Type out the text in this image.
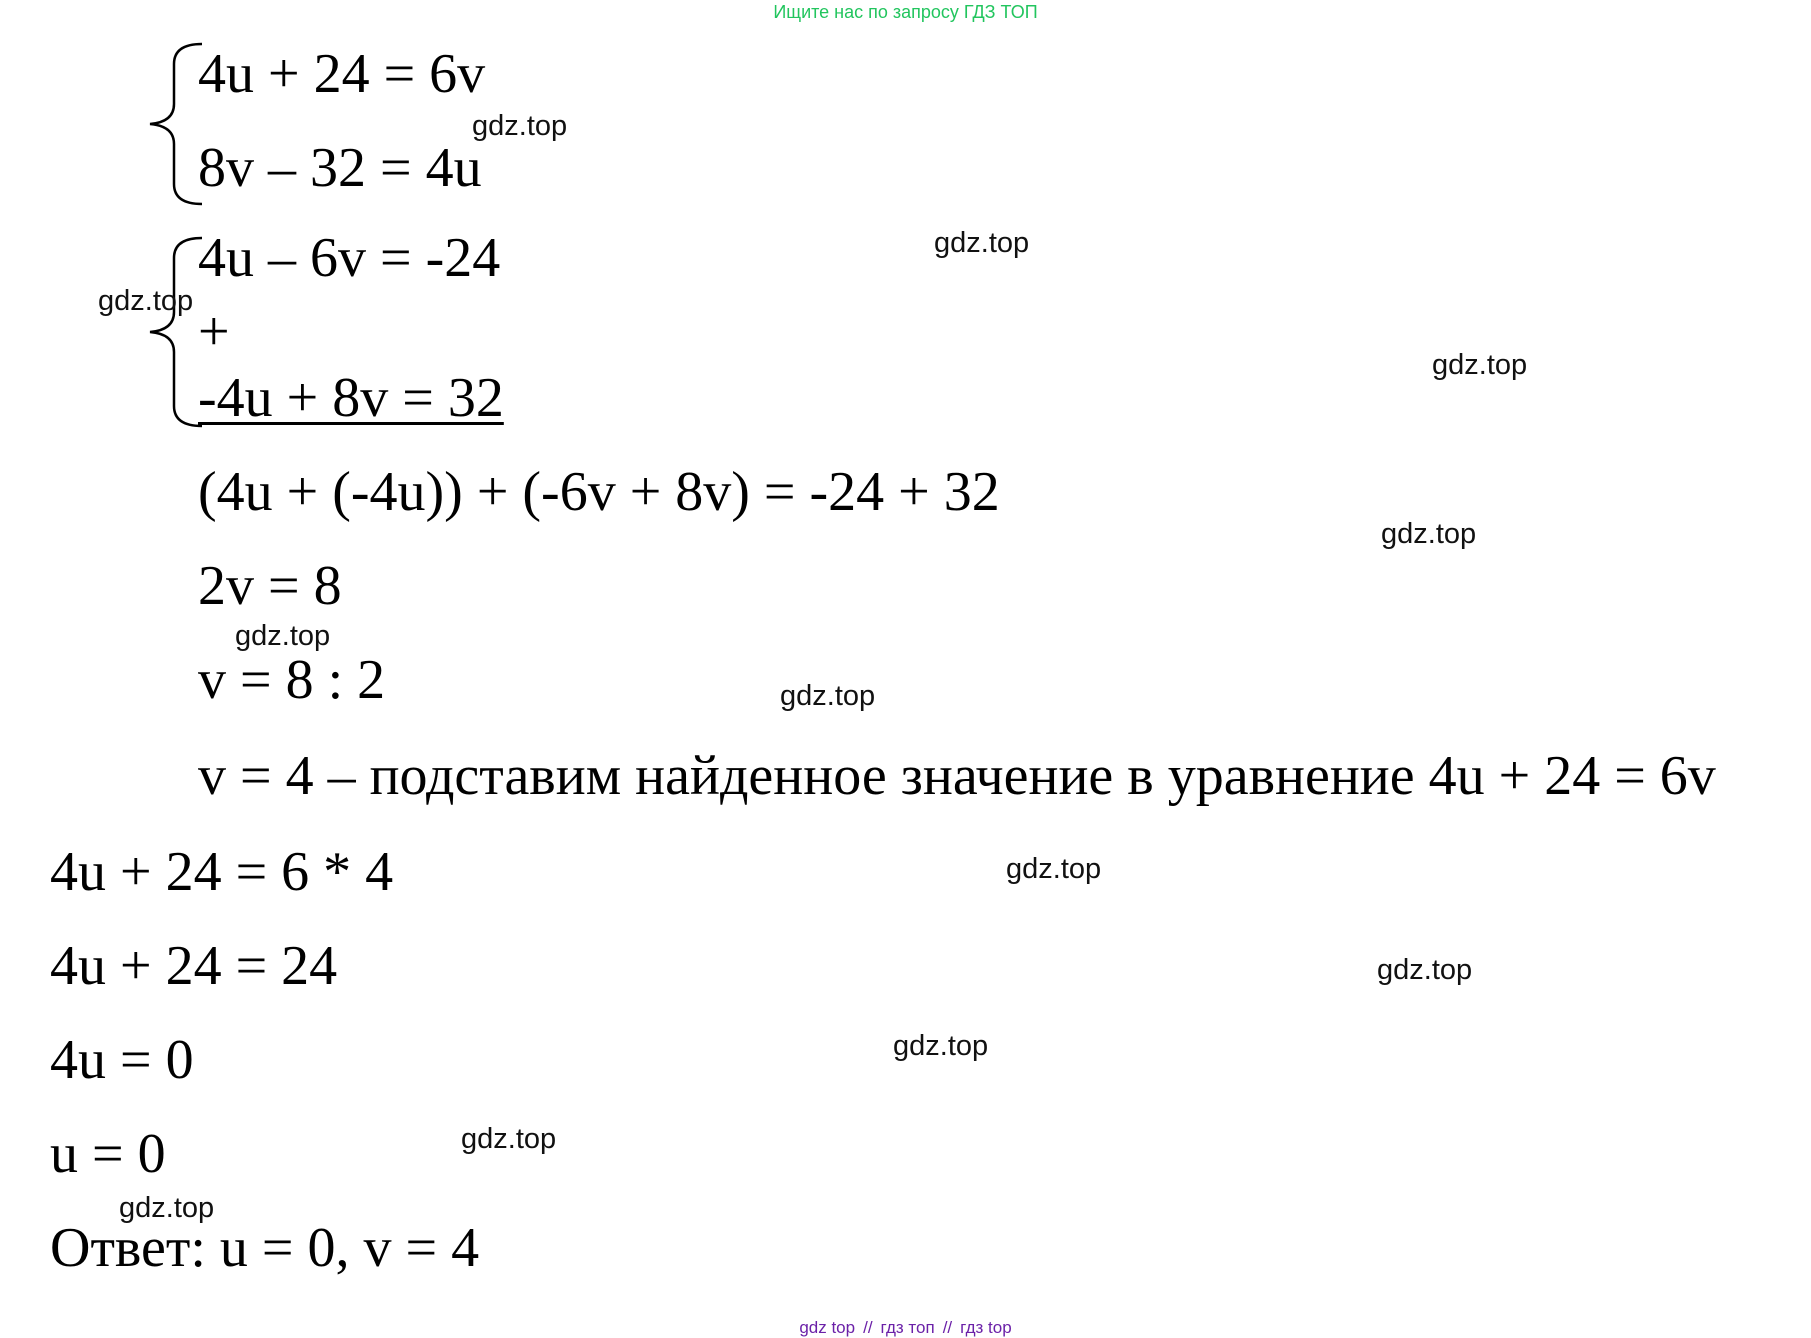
Ищите нас по запросу ГДЗ ТОП
4u + 24 = 6v
8v – 32 = 4u
4u – 6v = -24
+
-4u + 8v = 32
(4u + (-4u)) + (-6v + 8v) = -24 + 32
2v = 8
v = 8 : 2
v = 4 – подставим найденное значение в уравнение 4u + 24 = 6v
4u + 24 = 6 * 4
4u + 24 = 24
4u = 0
u = 0
Ответ: u = 0, v = 4
gdz.top
gdz.top
gdz.top
gdz.top
gdz.top
gdz.top
gdz.top
gdz.top
gdz.top
gdz.top
gdz.top
gdz.top
gdz top // гдз топ // гдз top
